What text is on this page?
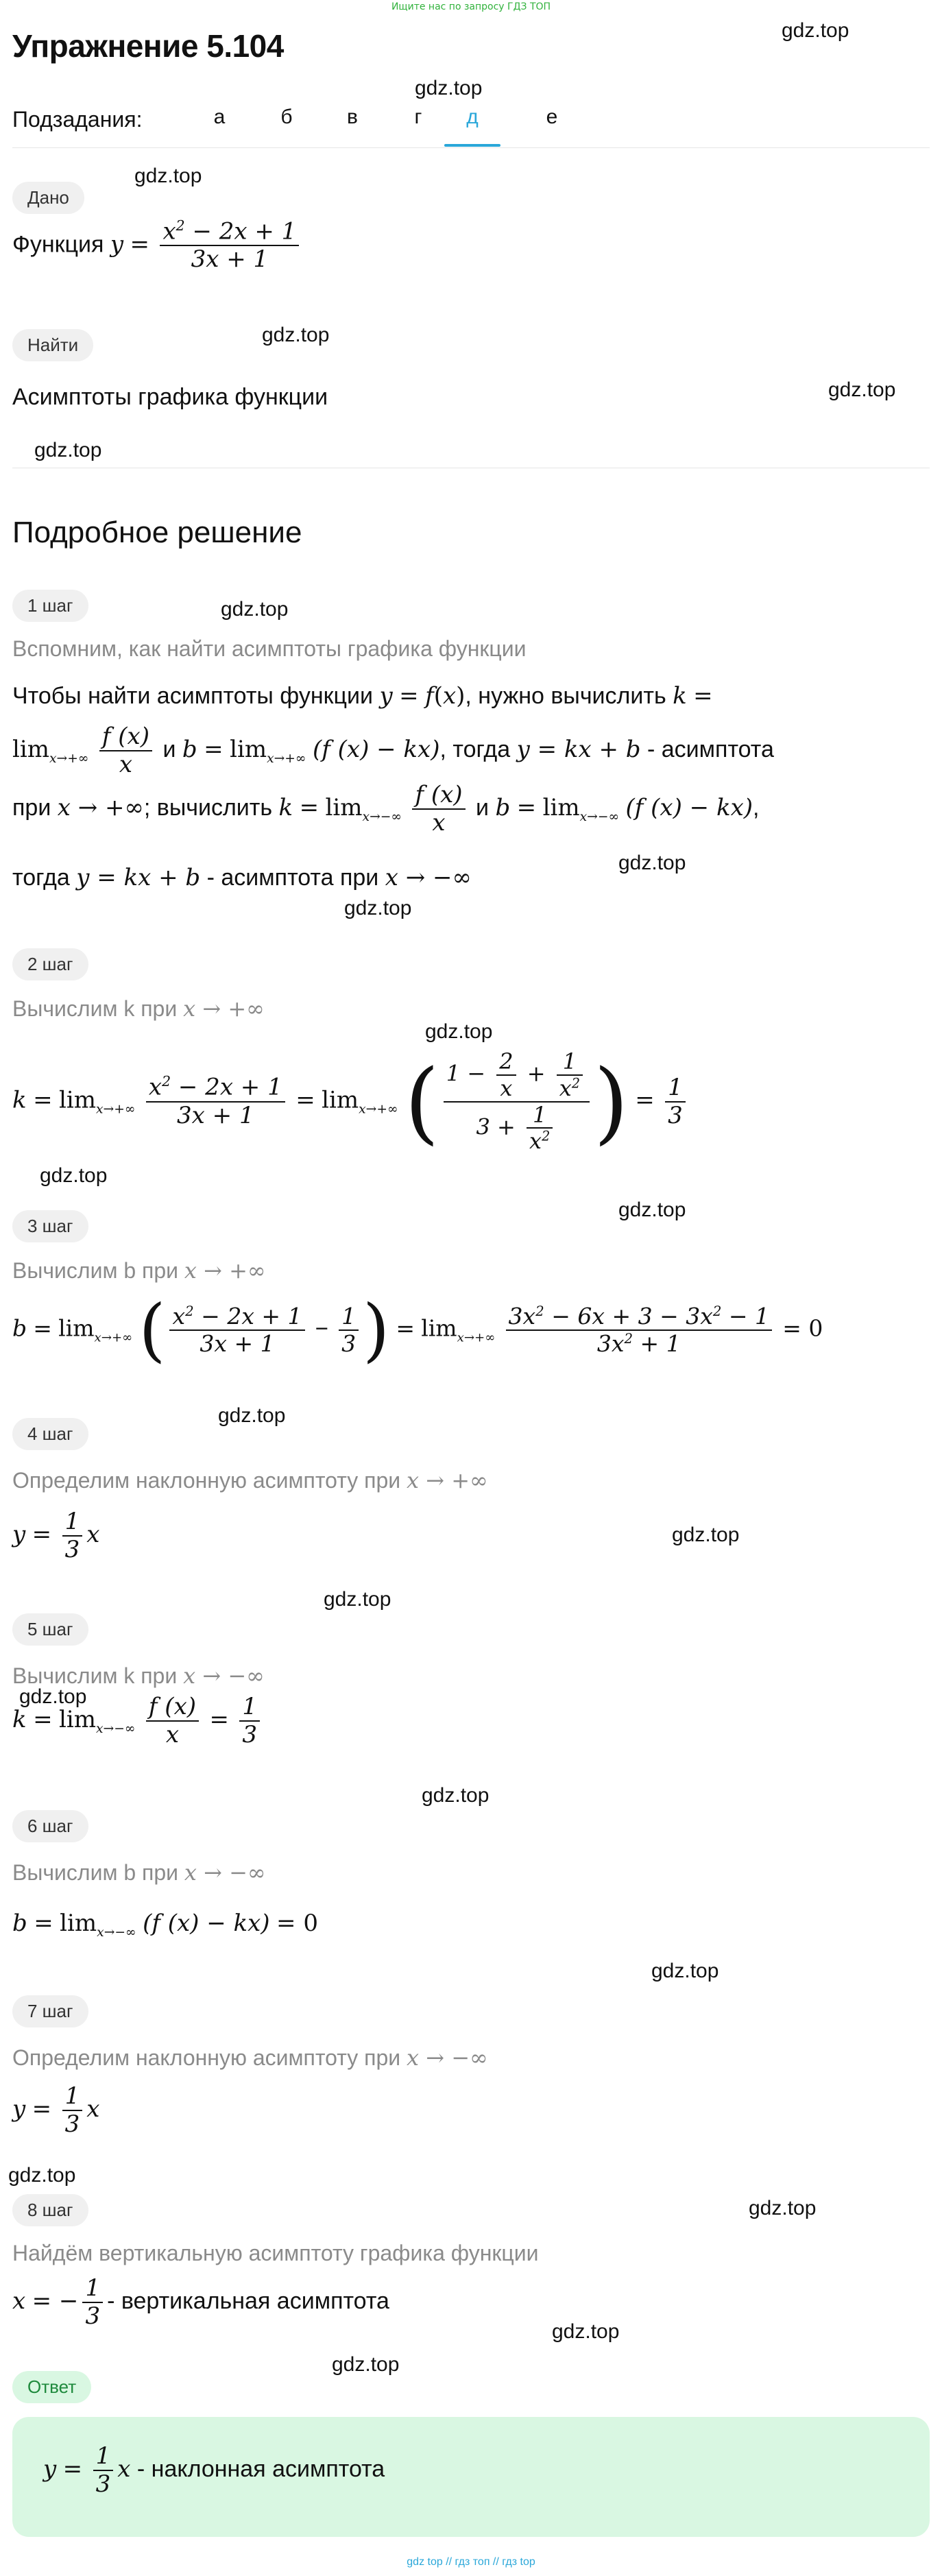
Ищите нас по запросу ГДЗ ТОП
gdz.top
gdz.top
gdz.top
gdz.top
gdz.top
gdz.top
gdz.top
gdz.top
gdz.top
gdz.top
gdz.top
gdz.top
gdz.top
gdz.top
gdz.top
gdz.top
gdz.top
gdz.top
gdz.top
gdz.top
gdz.top
gdz.top
Упражнение 5.104
Подзадания:	а	б	в	г	д	е
Дано
Функция $y = \frac{x^2 - 2x + 1}{3x + 1}$
Найти
Асимптоты графика функции
Подробное решение
1 шаг
Вспомним, как найти асимптоты графика функции
Чтобы найти асимптоты функции y = f(x), нужно вычислить k =
$\lim_{x\to+\infty} \frac{f (x)}{x}$ и $b = \lim_{x\to+\infty} (f$ (x) − kx), тогда y = kx + b - асимптота
при x → +∞; вычислить $k = \lim_{x\to-\infty} \frac{f (x)}{x}$ и $b = \lim_{x\to-\infty} (f$ (x) − kx),
тогда y = kx + b - асимптота при x → −∞
2 шаг
Вычислим k при x → +∞
$k = \lim_{x\to+\infty} \frac{x^2 - 2x + 1}{3x + 1} = \lim_{x\to+\infty}$ ( $\frac{1 - \frac{2}{x} + \frac{1}{x^2}}{3 + \frac{1}{x^2}}$ ) = $\frac{1}{3}$
3 шаг
Вычислим b при x → +∞
$b = \lim_{x\to+\infty}$ ( $\frac{x^2 - 2x + 1}{3x + 1} - \frac{1}{3}$ ) = $\lim_{x\to+\infty} \frac{3x^2 - 6x + 3 - 3x^2 - 1}{3x^2 + 1} = 0$
4 шаг
Определим наклонную асимптоту при x → +∞
$y = \frac{1}{3}$ x
5 шаг
Вычислим k при x → −∞
$k = \lim_{x\to-\infty} \frac{f (x)}{x} = \frac{1}{3}$
6 шаг
Вычислим b при x → −∞
$b = \lim_{x\to-\infty} (f$ (x) − kx) = 0
7 шаг
Определим наклонную асимптоту при x → −∞
$y = \frac{1}{3}$ x
8 шаг
Найдём вертикальную асимптоту графика функции
x = − $\frac{1}{3}$ - вертикальная асимптота
Ответ
$y = \frac{1}{3}$ x - наклонная асимптота
gdz top // гдз топ // гдз top
